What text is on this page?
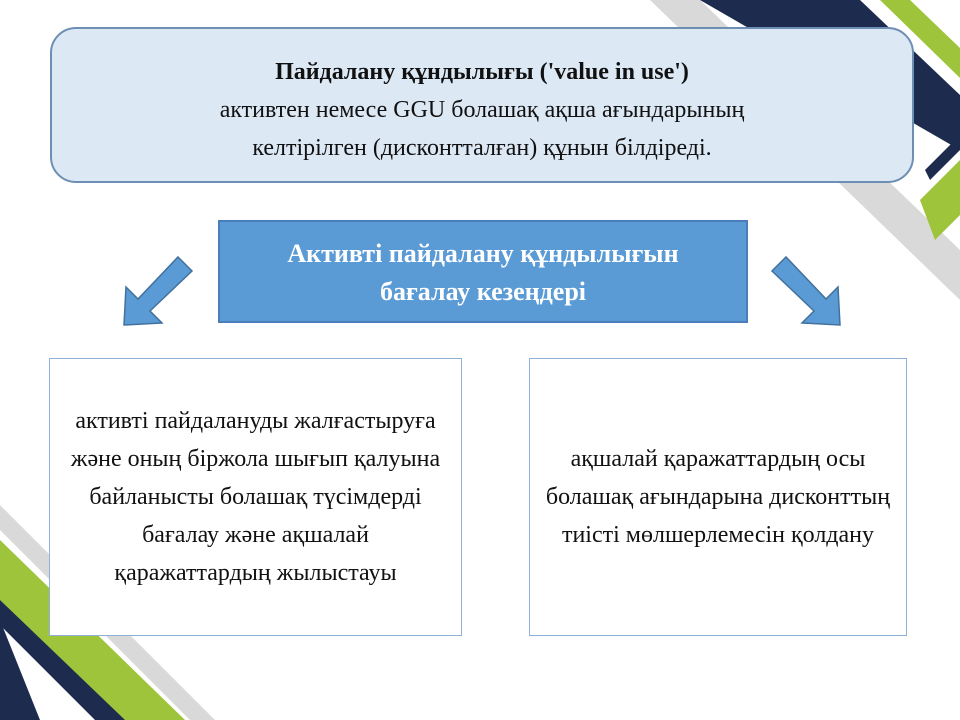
Пайдалану құндылығы ('value in use')
активтен немесе GGU болашақ ақша ағындарының
келтірілген (дисконтталған) құнын білдіреді.
Активті пайдалану құндылығын
бағалау кезеңдері
активті пайдалануды жалғастыруға және оның біржола шығып қалуына байланысты болашақ түсімдерді бағалау және ақшалай қаражаттардың жылыстауы
ақшалай қаражаттардың осы болашақ ағындарына дисконттың тиісті мөлшерлемесін қолдану
